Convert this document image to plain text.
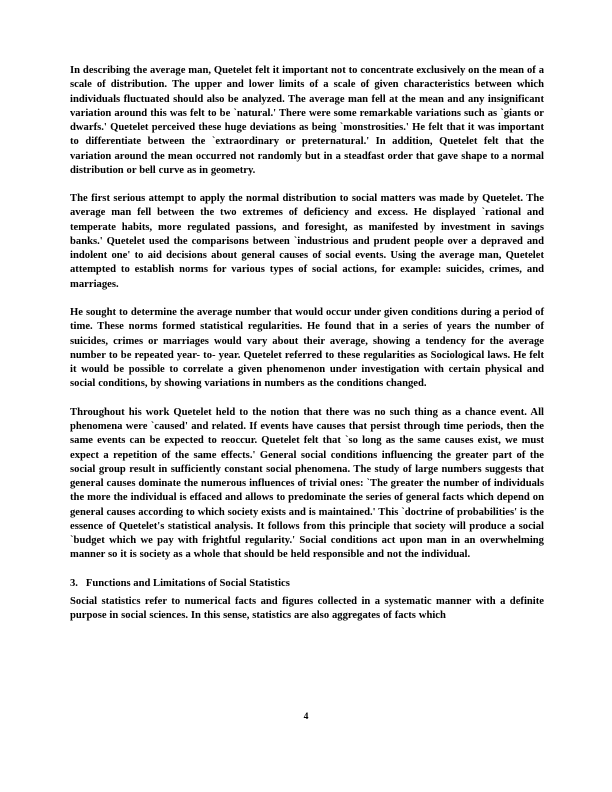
In describing the average man, Quetelet felt it important not to concentrate exclusively on the mean of a scale of distribution. The upper and lower limits of a scale of given characteristics between which individuals fluctuated should also be analyzed. The average man fell at the mean and any insignificant variation around this was felt to be `natural.' There were some remarkable variations such as `giants or dwarfs.' Quetelet perceived these huge deviations as being `monstrosities.' He felt that it was important to differentiate between the `extraordinary or preternatural.' In addition, Quetelet felt that the variation around the mean occurred not randomly but in a steadfast order that gave shape to a normal distribution or bell curve as in geometry.

The first serious attempt to apply the normal distribution to social matters was made by Quetelet. The average man fell between the two extremes of deficiency and excess. He displayed `rational and temperate habits, more regulated passions, and foresight, as manifested by investment in savings banks.' Quetelet used the comparisons between `industrious and prudent people over a depraved and indolent one' to aid decisions about general causes of social events. Using the average man, Quetelet attempted to establish norms for various types of social actions, for example: suicides, crimes, and marriages.

He sought to determine the average number that would occur under given conditions during a period of time. These norms formed statistical regularities. He found that in a series of years the number of suicides, crimes or marriages would vary about their average, showing a tendency for the average number to be repeated year- to- year. Quetelet referred to these regularities as Sociological laws. He felt it would be possible to correlate a given phenomenon under investigation with certain physical and social conditions, by showing variations in numbers as the conditions changed.

Throughout his work Quetelet held to the notion that there was no such thing as a chance event. All phenomena were `caused' and related. If events have causes that persist through time periods, then the same events can be expected to reoccur. Quetelet felt that `so long as the same causes exist, we must expect a repetition of the same effects.' General social conditions influencing the greater part of the social group result in sufficiently constant social phenomena. The study of large numbers suggests that general causes dominate the numerous influences of trivial ones: `The greater the number of individuals the more the individual is effaced and allows to predominate the series of general facts which depend on general causes according to which society exists and is maintained.' This `doctrine of probabilities' is the essence of Quetelet's statistical analysis. It follows from this principle that society will produce a social `budget which we pay with frightful regularity.' Social conditions act upon man in an overwhelming manner so it is society as a whole that should be held responsible and not the individual.

3.   Functions and Limitations of Social Statistics

Social statistics refer to numerical facts and figures collected in a systematic manner with a definite purpose in social sciences. In this sense, statistics are also aggregates of facts which

4
